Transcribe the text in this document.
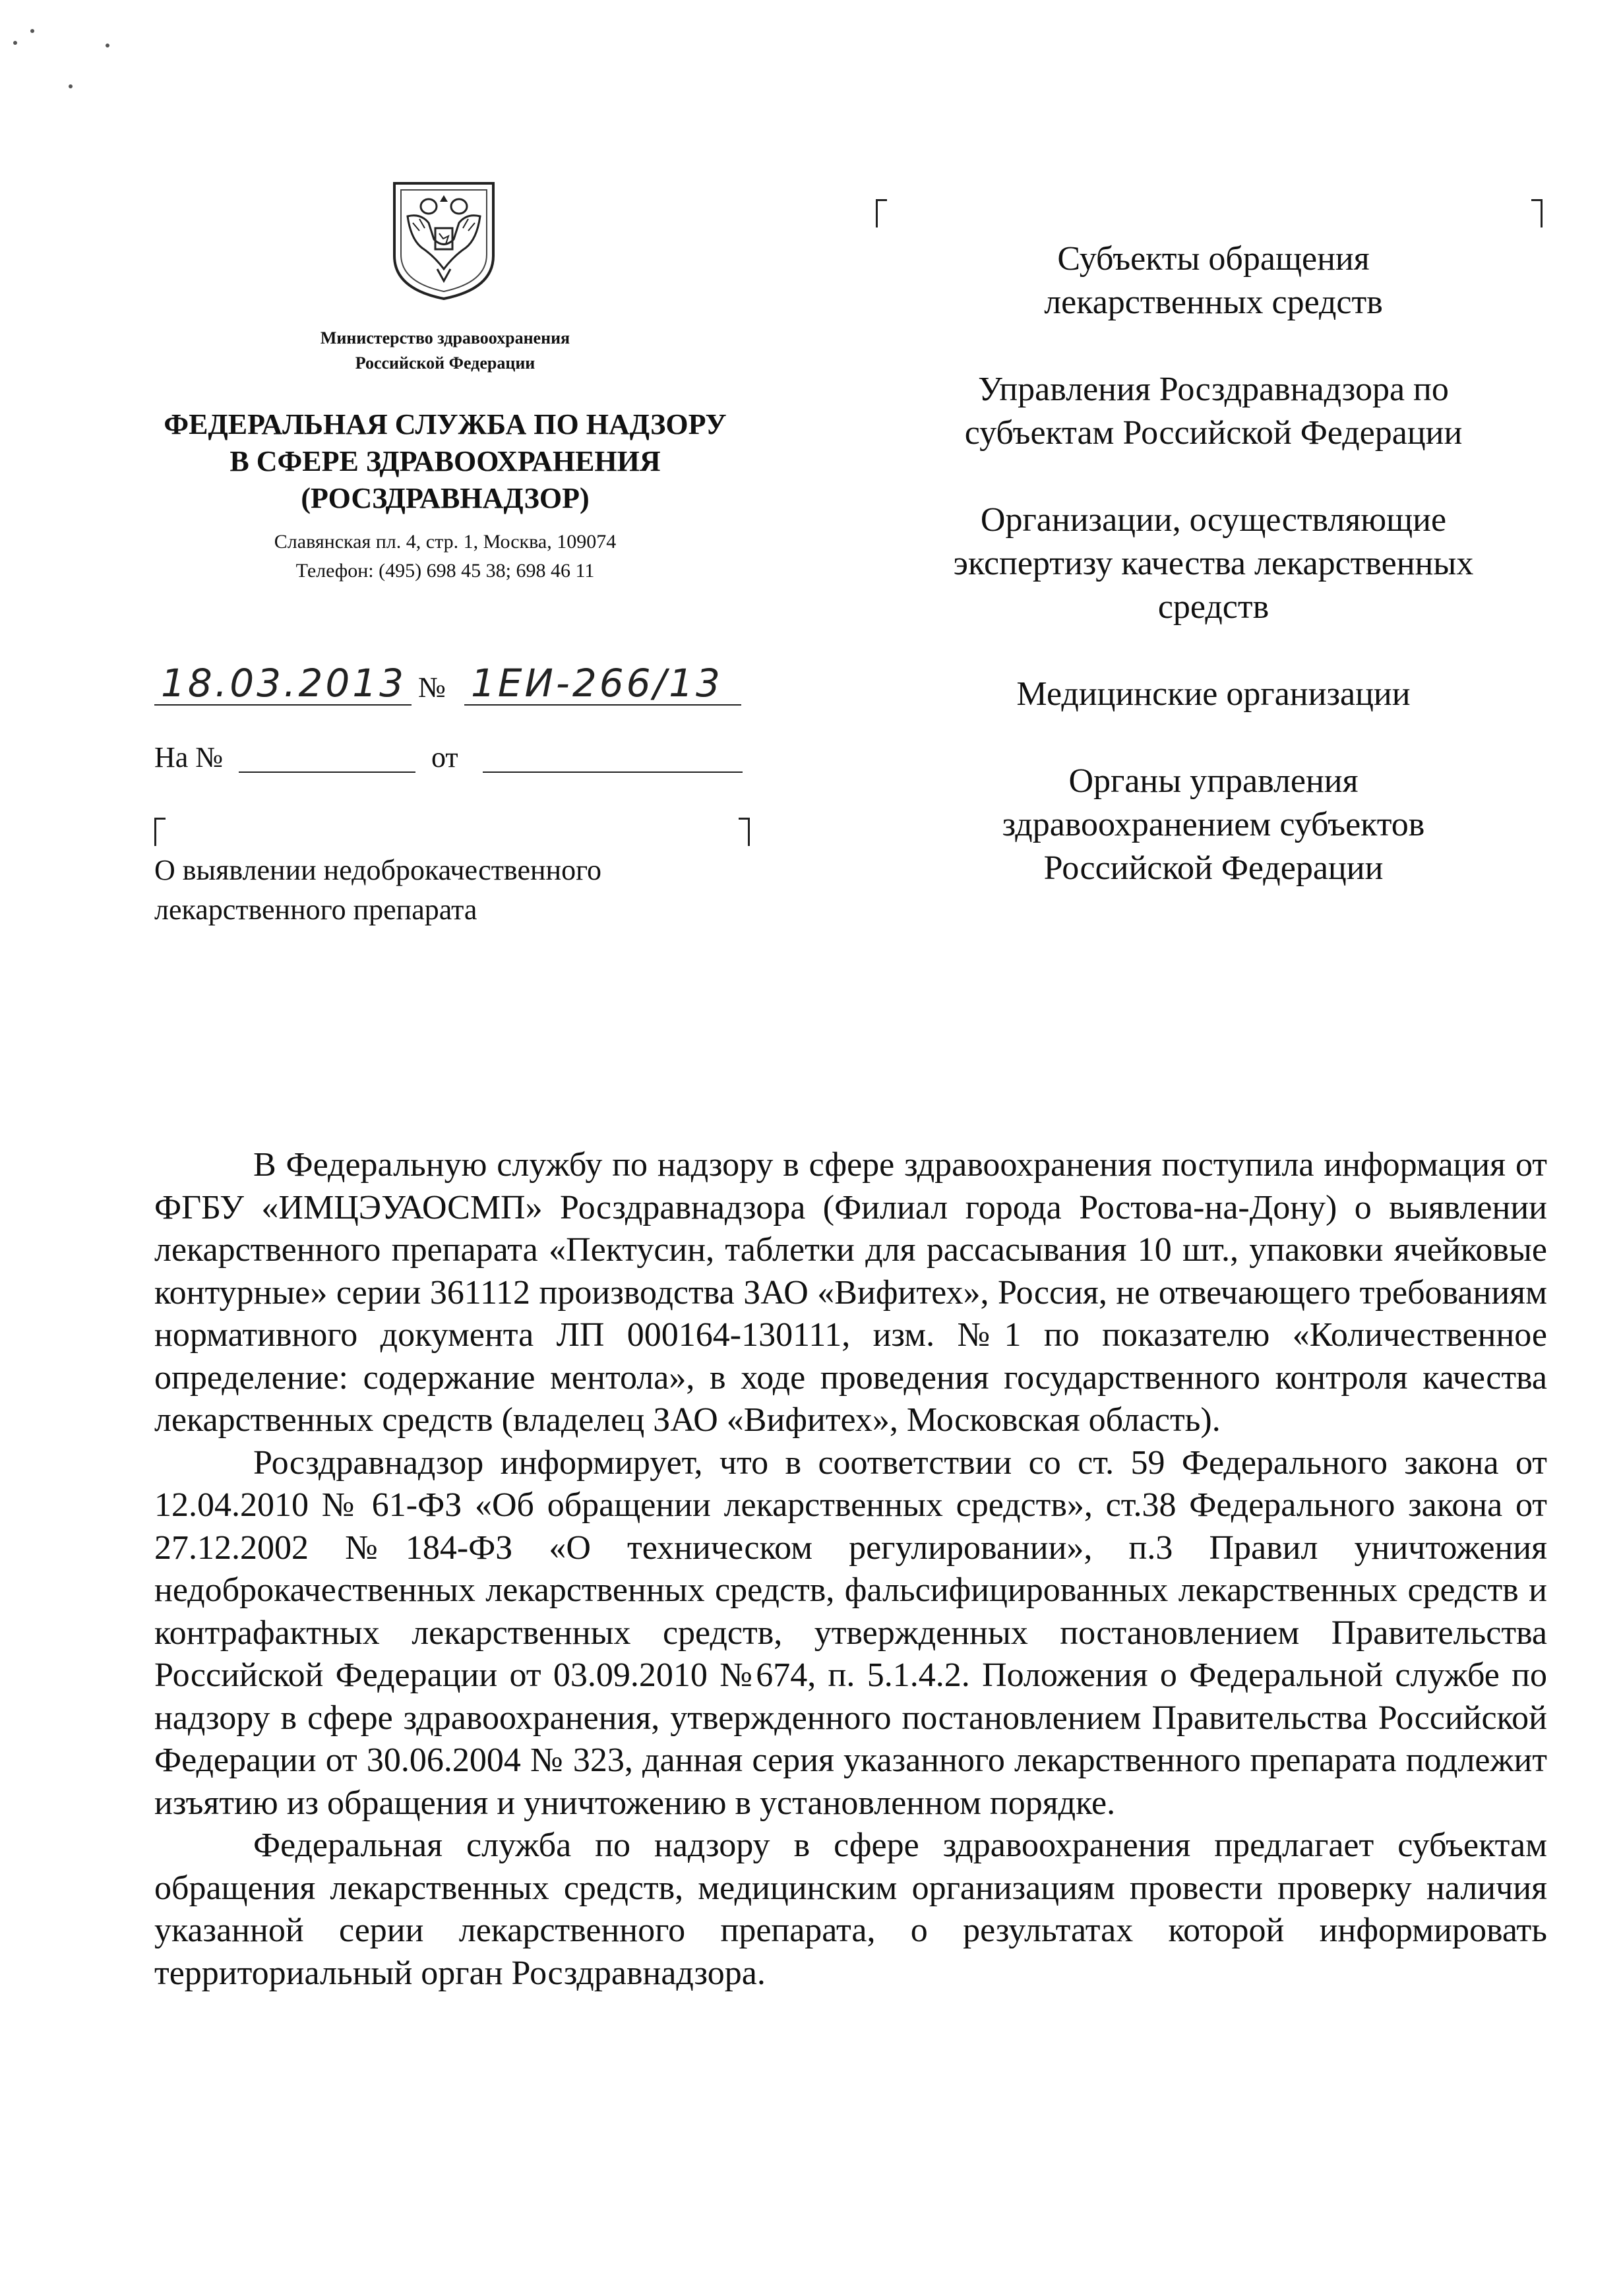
Министерство здравоохранения
Российской Федерации
ФЕДЕРАЛЬНАЯ СЛУЖБА ПО НАДЗОРУ
В СФЕРЕ ЗДРАВООХРАНЕНИЯ
(РОСЗДРАВНАДЗОР)
Славянская пл. 4, стр. 1, Москва, 109074
Телефон: (495) 698 45 38; 698 46 11
18.03.2013 № 1ЕИ-266/13
На №	от
О выявлении недоброкачественного
лекарственного препарата
Субъекты обращения
лекарственных средств
Управления Росздравнадзора по
субъектам Российской Федерации
Организации, осуществляющие
экспертизу качества лекарственных
средств
Медицинские организации
Органы управления
здравоохранением субъектов
Российской Федерации

В Федеральную службу по надзору в сфере здравоохранения поступила информация от ФГБУ «ИМЦЭУАОСМП» Росздравнадзора (Филиал города Ростова-на-Дону) о выявлении лекарственного препарата «Пектусин, таблетки для рассасывания 10 шт., упаковки ячейковые контурные» серии 361112 производства ЗАО «Вифитех», Россия, не отвечающего требованиям нормативного документа ЛП 000164-130111, изм. №1 по показателю «Количественное определение: содержание ментола», в ходе проведения государственного контроля качества лекарственных средств (владелец ЗАО «Вифитех», Московская область).

Росздравнадзор информирует, что в соответствии со ст. 59 Федерального закона от 12.04.2010 № 61-ФЗ «Об обращении лекарственных средств», ст.38 Федерального закона от 27.12.2002 №184-ФЗ «О техническом регулировании», п.3 Правил уничтожения недоброкачественных лекарственных средств, фальсифицированных лекарственных средств и контрафактных лекарственных средств, утвержденных постановлением Правительства Российской Федерации от 03.09.2010 №674, п. 5.1.4.2. Положения о Федеральной службе по надзору в сфере здравоохранения, утвержденного постановлением Правительства Российской Федерации от 30.06.2004 № 323, данная серия указанного лекарственного препарата подлежит изъятию из обращения и уничтожению в установленном порядке.

Федеральная служба по надзору в сфере здравоохранения предлагает субъектам обращения лекарственных средств, медицинским организациям провести проверку наличия указанной серии лекарственного препарата, о результатах которой информировать территориальный орган Росздравнадзора.
